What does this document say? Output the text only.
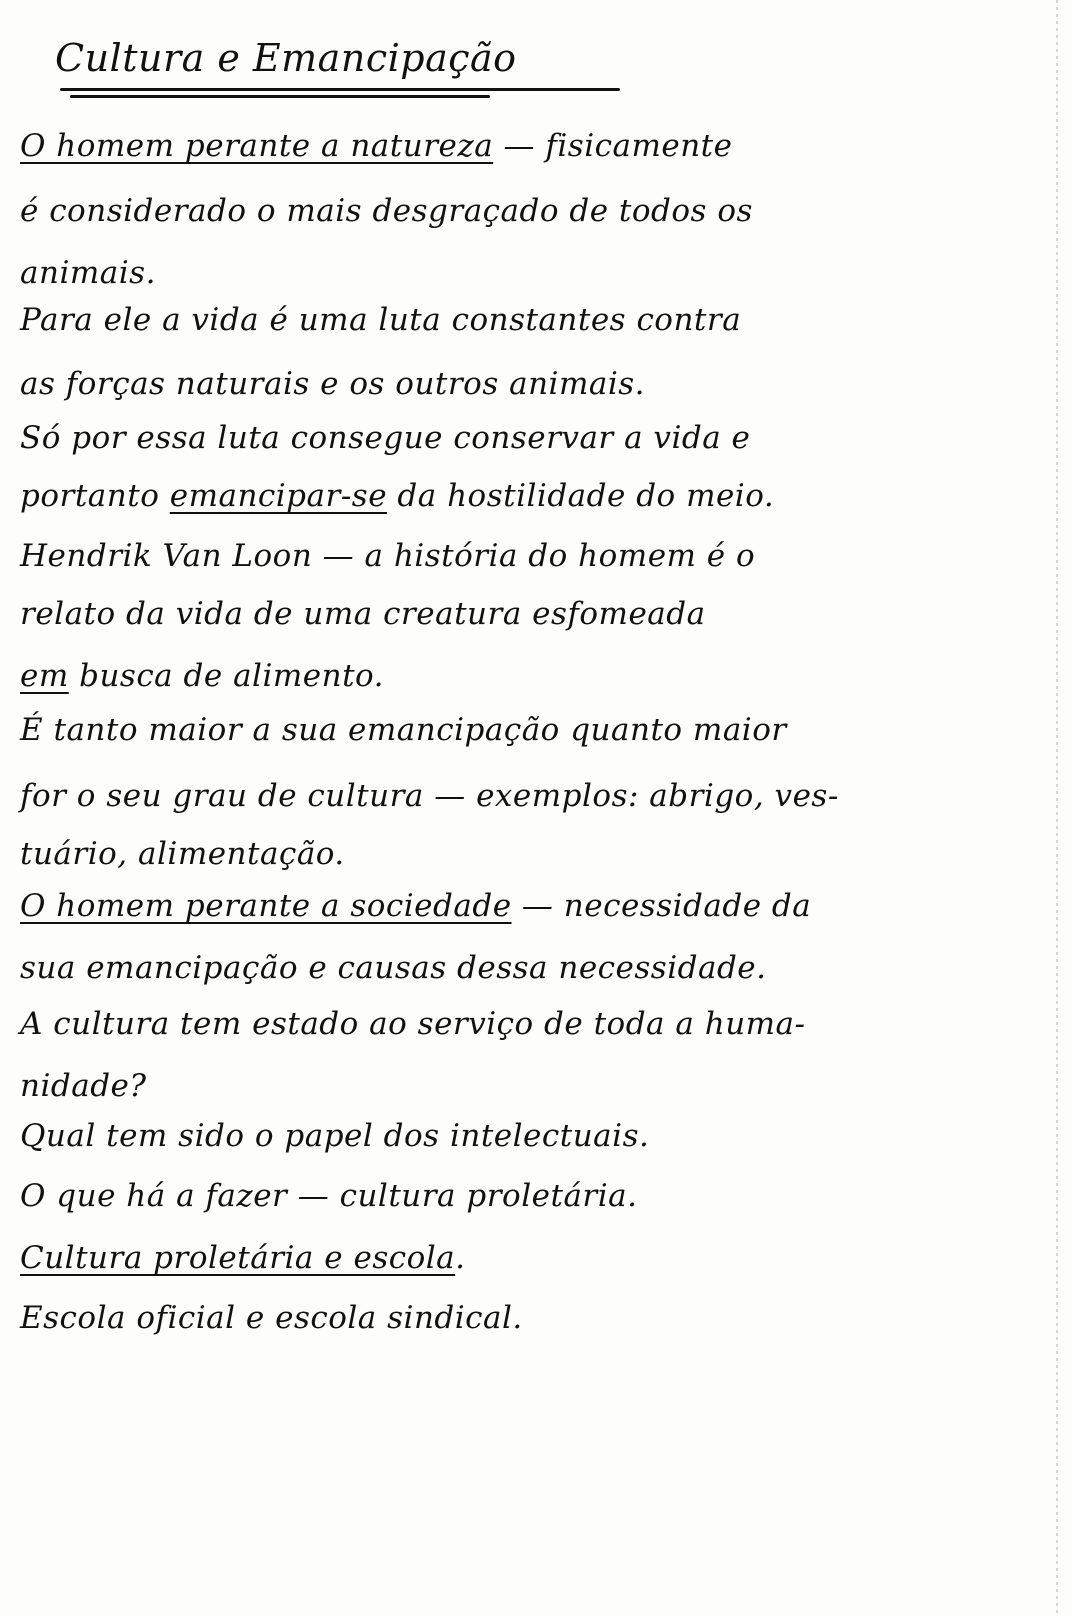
Cultura e Emancipação
O homem perante a natureza — fisicamente
é considerado o mais desgraçado de todos os
animais.
Para ele a vida é uma luta constantes contra
as forças naturais e os outros animais.
Só por essa luta consegue conservar a vida e
portanto emancipar-se da hostilidade do meio.
Hendrik Van Loon — a história do homem é o
relato da vida de uma creatura esfomeada
em busca de alimento.
É tanto maior a sua emancipação quanto maior
for o seu grau de cultura — exemplos: abrigo, ves-
tuário, alimentação.
O homem perante a sociedade — necessidade da
sua emancipação e causas dessa necessidade.
A cultura tem estado ao serviço de toda a huma-
nidade?
Qual tem sido o papel dos intelectuais.
O que há a fazer — cultura proletária.
Cultura proletária e escola.
Escola oficial e escola sindical.
